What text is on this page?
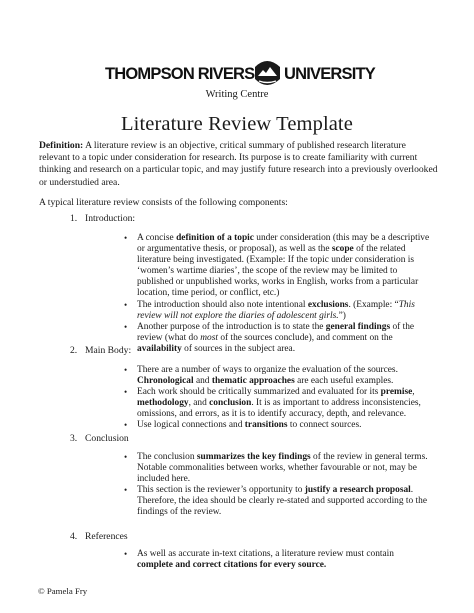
THOMPSON RIVERS UNIVERSITY
Writing Centre
Literature Review Template
Definition: A literature review is an objective, critical summary of published research literature relevant to a topic under consideration for research. Its purpose is to create familiarity with current thinking and research on a particular topic, and may justify future research into a previously overlooked or understudied area.
A typical literature review consists of the following components:
1. Introduction:
• A concise definition of a topic under consideration (this may be a descriptive or argumentative thesis, or proposal), as well as the scope of the related literature being investigated. (Example: If the topic under consideration is ‘women’s wartime diaries’, the scope of the review may be limited to published or unpublished works, works in English, works from a particular location, time period, or conflict, etc.)
• The introduction should also note intentional exclusions. (Example: “This review will not explore the diaries of adolescent girls.”)
• Another purpose of the introduction is to state the general findings of the review (what do most of the sources conclude), and comment on the availability of sources in the subject area.
2. Main Body:
• There are a number of ways to organize the evaluation of the sources. Chronological and thematic approaches are each useful examples.
• Each work should be critically summarized and evaluated for its premise, methodology, and conclusion. It is as important to address inconsistencies, omissions, and errors, as it is to identify accuracy, depth, and relevance.
• Use logical connections and transitions to connect sources.
3. Conclusion
• The conclusion summarizes the key findings of the review in general terms. Notable commonalities between works, whether favourable or not, may be included here.
• This section is the reviewer’s opportunity to justify a research proposal. Therefore, the idea should be clearly re-stated and supported according to the findings of the review.
4. References
• As well as accurate in-text citations, a literature review must contain complete and correct citations for every source.
© Pamela Fry
